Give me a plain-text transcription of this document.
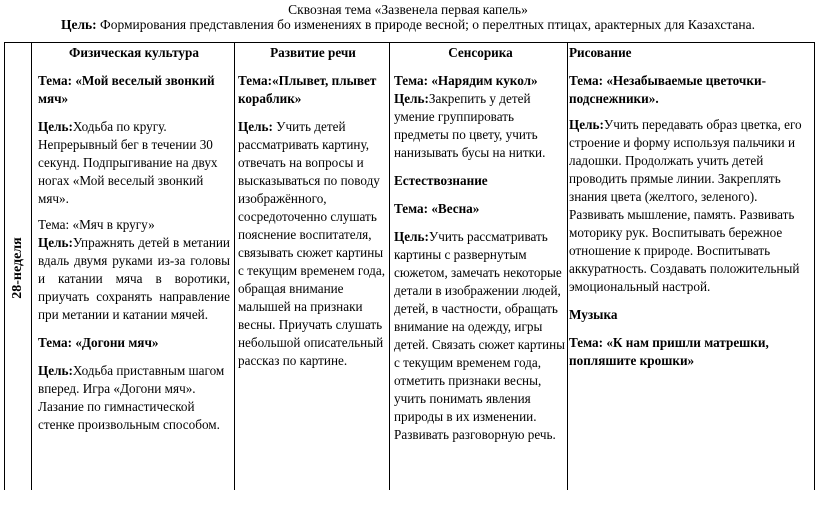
Сквозная тема «Зазвенела первая капель»
Цель: Формирования представления бо изменениях в природе весной; о перелтных птицах, арактерных для Казахстана.
28-неделя

Физическая культура

Тема: «Мой веселый звонкий мяч»

Цель:Ходьба по кругу. Непрерывный бег в течении 30 секунд. Подпрыгивание на двух ногах «Мой веселый звонкий мяч».

Тема: «Мяч в кругу»

Цель:Упражнять детей в метании вдаль двумя руками из-за головы и катании мяча в воротики, приучать сохранять направление при метании и катании мячей.

Тема: «Догони мяч»

Цель:Ходьба приставным шагом вперед. Игра «Догони мяч». Лазание по гимнастической стенке произвольным способом.

Развитие речи

Тема:«Плывет, плывет кораблик»

Цель: Учить детей рассматривать картину, отвечать на вопросы и высказываться по поводу изображённого, сосредоточенно слушать пояснение воспитателя, связывать сюжет картины с текущим временем года, обращая внимание малышей на признаки весны. Приучать слушать небольшой описательный рассказ по картине.

Сенсорика

Тема: «Нарядим кукол»

Цель:Закрепить у детей умение группировать предметы по цвету, учить нанизывать бусы на нитки.

Естествознание

Тема: «Весна»

Цель:Учить рассматривать картины с развернутым сюжетом, замечать некоторые детали в изображении людей, детей, в частности, обращать внимание на одежду, игры детей. Связать сюжет картины с текущим временем года, отметить признаки весны, учить понимать явления природы в их изменении. Развивать разговорную речь.

Рисование

Тема: «Незабываемые цветочки-подснежники».

Цель:Учить передавать образ цветка, его строение и форму используя пальчики и ладошки. Продолжать учить детей проводить прямые линии. Закреплять знания цвета (желтого, зеленого). Развивать мышление, память. Развивать моторику рук. Воспитывать бережное отношение к природе. Воспитывать аккуратность. Создавать положительный эмоциональный настрой.

Музыка

Тема: «К нам пришли матрешки, попляшите крошки»
